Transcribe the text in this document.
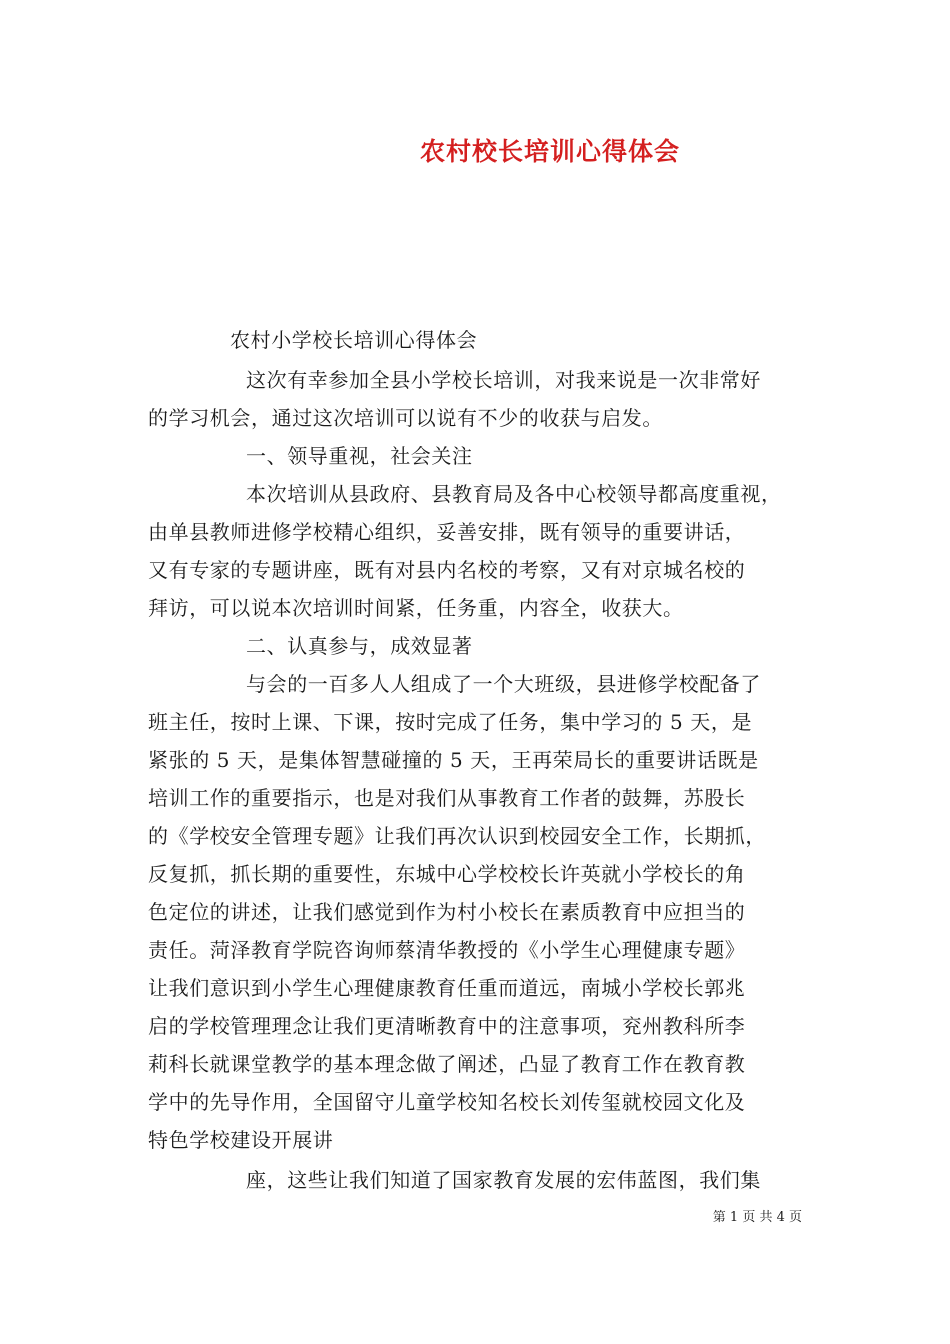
农村校长培训心得体会
农村小学校长培训心得体会
这次有幸参加全县小学校长培训，对我来说是一次非常好
的学习机会，通过这次培训可以说有不少的收获与启发。
一、领导重视，社会关注
本次培训从县政府、县教育局及各中心校领导都高度重视，
由单县教师进修学校精心组织，妥善安排，既有领导的重要讲话，
又有专家的专题讲座，既有对县内名校的考察，又有对京城名校的
拜访，可以说本次培训时间紧，任务重，内容全，收获大。
二、认真参与，成效显著
与会的一百多人人组成了一个大班级，县进修学校配备了
班主任，按时上课、下课，按时完成了任务，集中学习的 5 天，是
紧张的 5 天，是集体智慧碰撞的 5 天，王再荣局长的重要讲话既是
培训工作的重要指示，也是对我们从事教育工作者的鼓舞，苏股长
的《学校安全管理专题》让我们再次认识到校园安全工作，长期抓，
反复抓，抓长期的重要性，东城中心学校校长许英就小学校长的角
色定位的讲述，让我们感觉到作为村小校长在素质教育中应担当的
责任。菏泽教育学院咨询师蔡清华教授的《小学生心理健康专题》
让我们意识到小学生心理健康教育任重而道远，南城小学校长郭兆
启的学校管理理念让我们更清晰教育中的注意事项，兖州教科所李
莉科长就课堂教学的基本理念做了阐述，凸显了教育工作在教育教
学中的先导作用，全国留守儿童学校知名校长刘传玺就校园文化及
特色学校建设开展讲
座，这些让我们知道了国家教育发展的宏伟蓝图，我们集
第 1 页 共 4 页
